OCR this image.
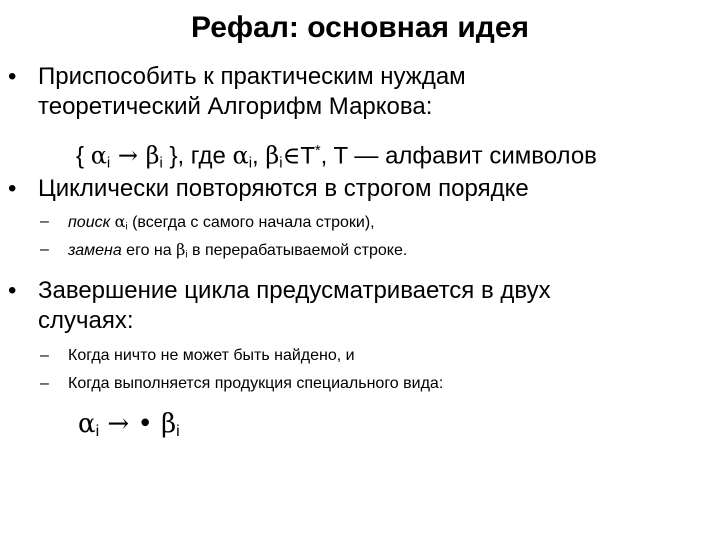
Рефал: основная идея
• Приспособить к практическим нуждам
теоретический Алгорифм Маркова:
{ $\alpha_i \to \beta_i$ }, где $\alpha_i$, $\beta_i\in T^*$, T — алфавит символов
• Циклически повторяются в строгом порядке
– поиск $\alpha_i$ (всегда с самого начала строки),
– замена его на $\beta_i$ в перерабатываемой строке.
• Завершение цикла предусматривается в двух
случаях:
– Когда ничто не может быть найдено, и
– Когда выполняется продукция специального вида:
$\alpha_i$ → • $\beta_i$
